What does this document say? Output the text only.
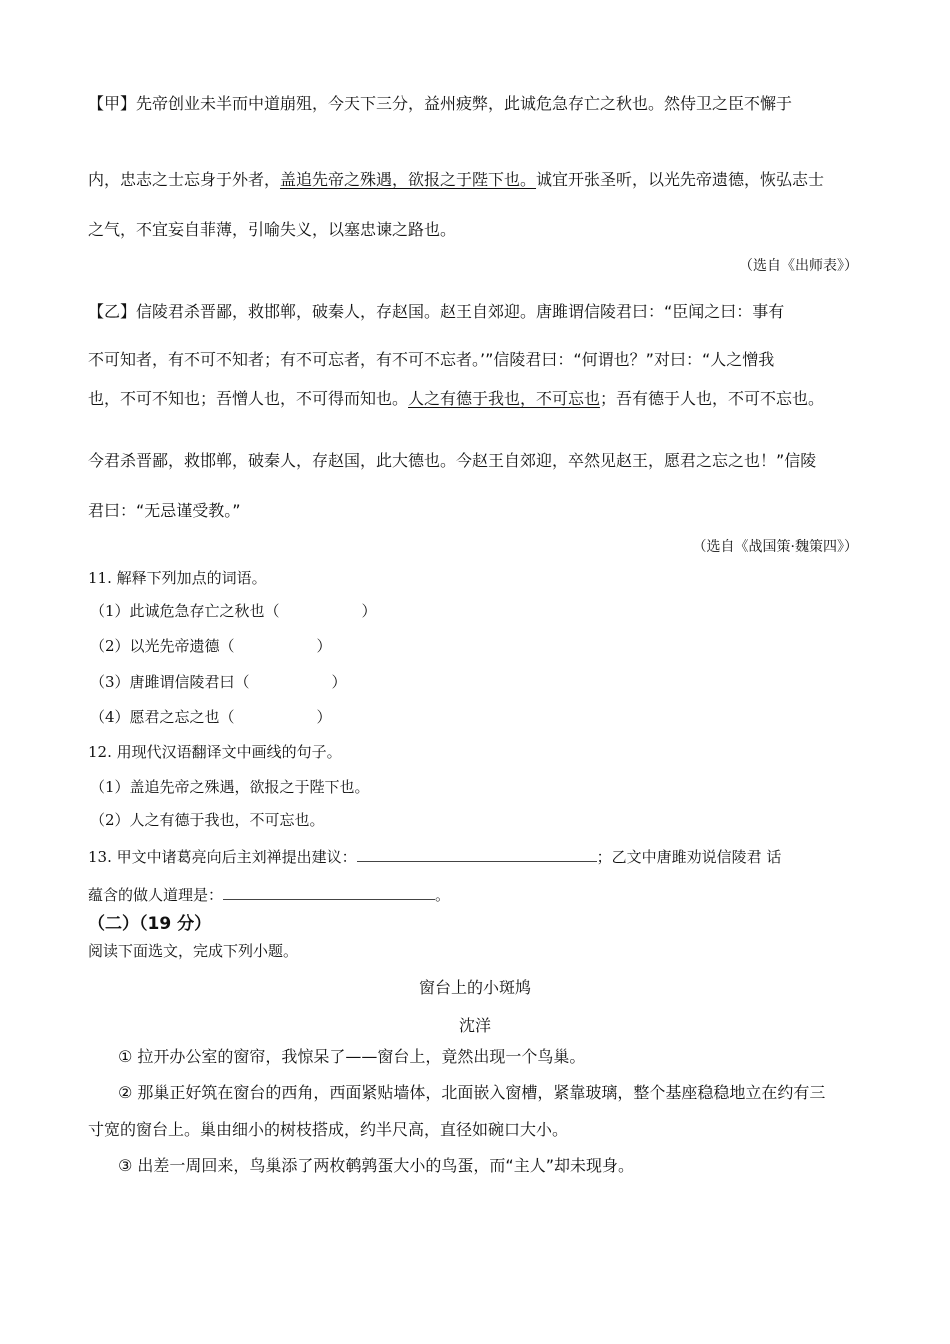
【甲】先帝创业未半而中道崩殂，今天下三分，益州疲弊，此诚危急存亡之秋也。然侍卫之臣不懈于
内，忠志之士忘身于外者，盖追先帝之殊遇，欲报之于陛下也。诚宜开张圣听，以光先帝遗德，恢弘志士
之气，不宜妄自菲薄，引喻失义，以塞忠谏之路也。
（选自《出师表》）
【乙】信陵君杀晋鄙，救邯郸，破秦人，存赵国。赵王自郊迎。唐雎谓信陵君曰：“臣闻之曰：事有
不可知者，有不可不知者；有不可忘者，有不可不忘者。’”信陵君曰：“何谓也？”对曰：“人之憎我
也，不可不知也；吾憎人也，不可得而知也。人之有德于我也，不可忘也；吾有德于人也，不可不忘也。
今君杀晋鄙，救邯郸，破秦人，存赵国，此大德也。今赵王自郊迎，卒然见赵王，愿君之忘之也！”信陵
君曰：“无忌谨受教。”
（选自《战国策·魏策四》）
11. 解释下列加点的词语。
（1）此诚危急存亡之秋也（	）
（2）以光先帝遗德（	）
（3）唐雎谓信陵君曰（	）
（4）愿君之忘之也（	）
12. 用现代汉语翻译文中画线的句子。
（1）盖追先帝之殊遇，欲报之于陛下也。
（2）人之有德于我也，不可忘也。
13. 甲文中诸葛亮向后主刘禅提出建议：	；乙文中唐雎劝说信陵君 话
蕴含的做人道理是：	。
（二）（19 分）
阅读下面选文，完成下列小题。
窗台上的小斑鸠
沈洋
① 拉开办公室的窗帘，我惊呆了——窗台上，竟然出现一个鸟巢。
② 那巢正好筑在窗台的西角，西面紧贴墙体，北面嵌入窗槽，紧靠玻璃，整个基座稳稳地立在约有三
寸宽的窗台上。巢由细小的树枝搭成，约半尺高，直径如碗口大小。
③ 出差一周回来，鸟巢添了两枚鹌鹑蛋大小的鸟蛋，而“主人”却未现身。
